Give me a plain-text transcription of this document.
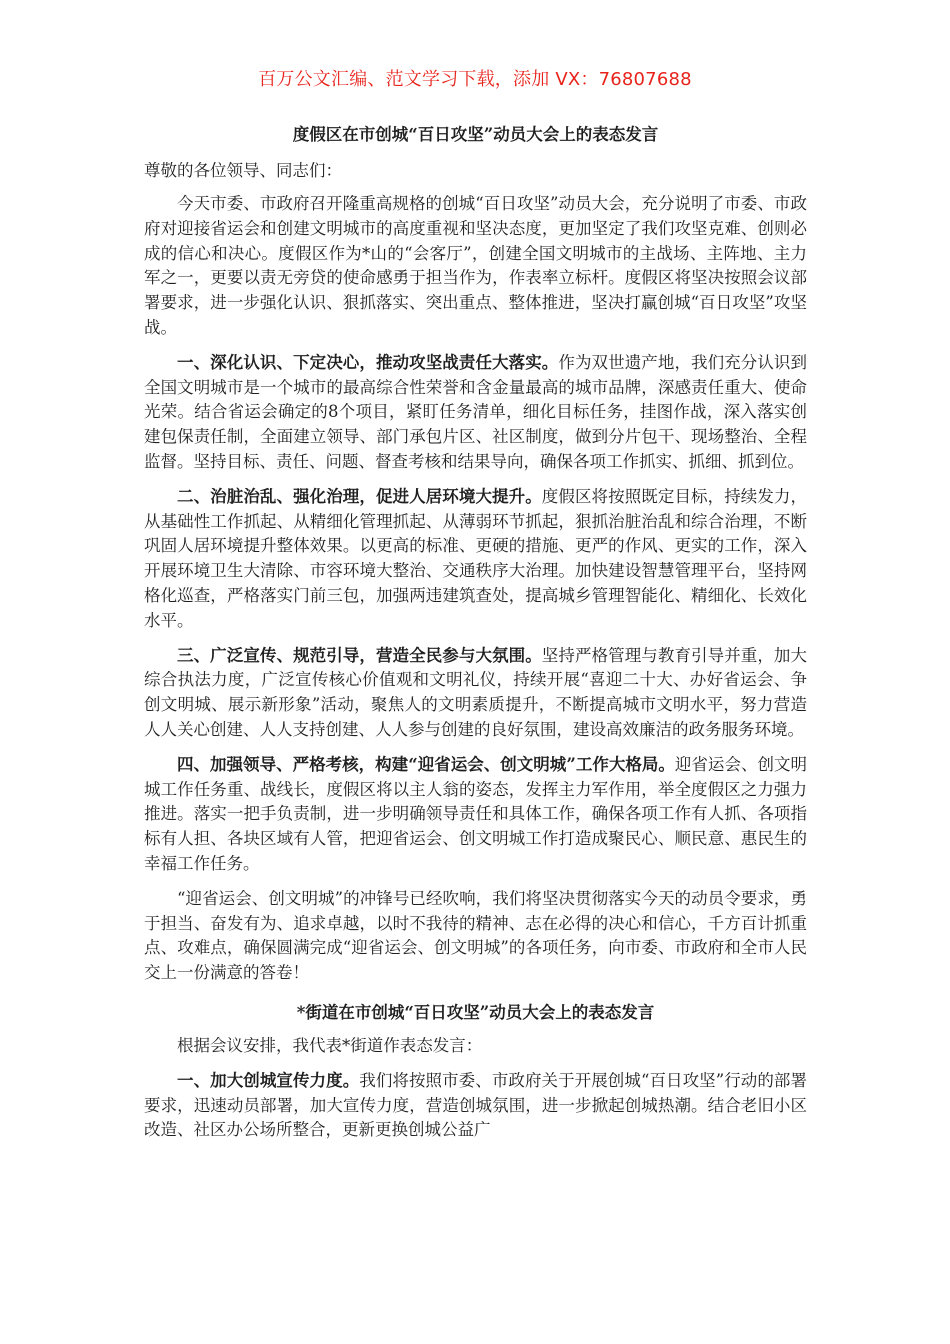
百万公文汇编、范文学习下载，添加 VX：76807688
度假区在市创城“百日攻坚”动员大会上的表态发言

尊敬的各位领导、同志们：

今天市委、市政府召开隆重高规格的创城“百日攻坚”动员大会，充分说明了市委、市政府对迎接省运会和创建文明城市的高度重视和坚决态度，更加坚定了我们攻坚克难、创则必成的信心和决心。度假区作为*山的“会客厅”，创建全国文明城市的主战场、主阵地、主力军之一，更要以责无旁贷的使命感勇于担当作为，作表率立标杆。度假区将坚决按照会议部署要求，进一步强化认识、狠抓落实、突出重点、整体推进，坚决打赢创城“百日攻坚”攻坚战。

一、深化认识、下定决心，推动攻坚战责任大落实。作为双世遗产地，我们充分认识到全国文明城市是一个城市的最高综合性荣誉和含金量最高的城市品牌，深感责任重大、使命光荣。结合省运会确定的8个项目，紧盯任务清单，细化目标任务，挂图作战，深入落实创建包保责任制，全面建立领导、部门承包片区、社区制度，做到分片包干、现场整治、全程监督。坚持目标、责任、问题、督查考核和结果导向，确保各项工作抓实、抓细、抓到位。

二、治脏治乱、强化治理，促进人居环境大提升。度假区将按照既定目标，持续发力，从基础性工作抓起、从精细化管理抓起、从薄弱环节抓起，狠抓治脏治乱和综合治理，不断巩固人居环境提升整体效果。以更高的标准、更硬的措施、更严的作风、更实的工作，深入开展环境卫生大清除、市容环境大整治、交通秩序大治理。加快建设智慧管理平台，坚持网格化巡查，严格落实门前三包，加强两违建筑查处，提高城乡管理智能化、精细化、长效化水平。

三、广泛宣传、规范引导，营造全民参与大氛围。坚持严格管理与教育引导并重，加大综合执法力度，广泛宣传核心价值观和文明礼仪，持续开展“喜迎二十大、办好省运会、争创文明城、展示新形象”活动，聚焦人的文明素质提升，不断提高城市文明水平，努力营造人人关心创建、人人支持创建、人人参与创建的良好氛围，建设高效廉洁的政务服务环境。

四、加强领导、严格考核，构建“迎省运会、创文明城”工作大格局。迎省运会、创文明城工作任务重、战线长，度假区将以主人翁的姿态，发挥主力军作用，举全度假区之力强力推进。落实一把手负责制，进一步明确领导责任和具体工作，确保各项工作有人抓、各项指标有人担、各块区域有人管，把迎省运会、创文明城工作打造成聚民心、顺民意、惠民生的幸福工作任务。

“迎省运会、创文明城”的冲锋号已经吹响，我们将坚决贯彻落实今天的动员令要求，勇于担当、奋发有为、追求卓越，以时不我待的精神、志在必得的决心和信心，千方百计抓重点、攻难点，确保圆满完成“迎省运会、创文明城”的各项任务，向市委、市政府和全市人民交上一份满意的答卷！

*街道在市创城“百日攻坚”动员大会上的表态发言

根据会议安排，我代表*街道作表态发言：

一、加大创城宣传力度。我们将按照市委、市政府关于开展创城“百日攻坚”行动的部署要求，迅速动员部署，加大宣传力度，营造创城氛围，进一步掀起创城热潮。结合老旧小区改造、社区办公场所整合，更新更换创城公益广
